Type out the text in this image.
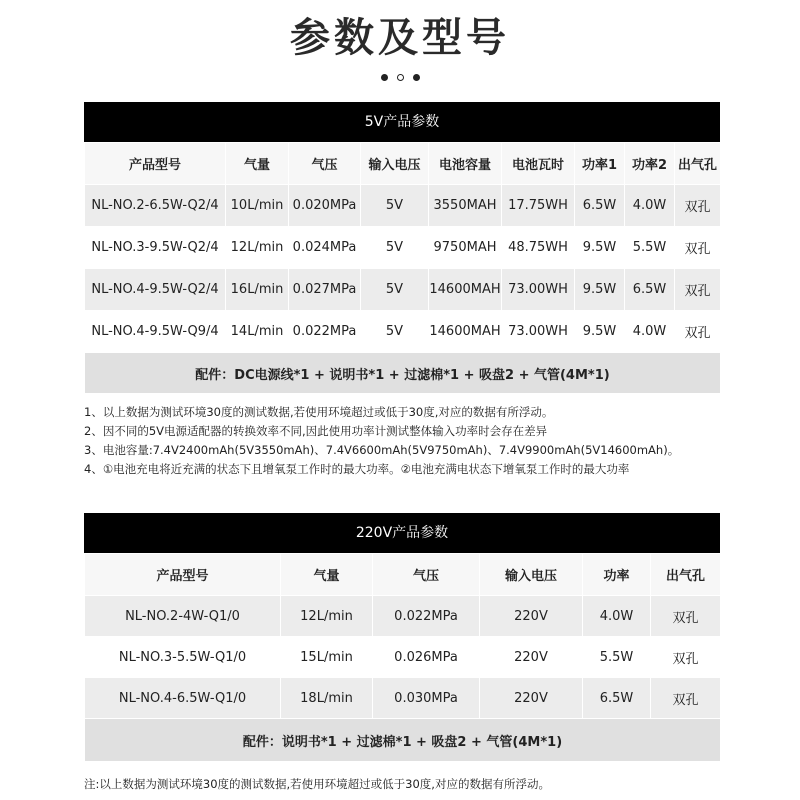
参数及型号
5V产品参数
产品型号	气量	气压	输入电压	电池容量	电池瓦时	功率1	功率2	出气孔
NL-NO.2-6.5W-Q2/4	10L/min	0.020MPa	5V	3550MAH	17.75WH	6.5W	4.0W	双孔
NL-NO.3-9.5W-Q2/4	12L/min	0.024MPa	5V	9750MAH	48.75WH	9.5W	5.5W	双孔
NL-NO.4-9.5W-Q2/4	16L/min	0.027MPa	5V	14600MAH	73.00WH	9.5W	6.5W	双孔
NL-NO.4-9.5W-Q9/4	14L/min	0.022MPa	5V	14600MAH	73.00WH	9.5W	4.0W	双孔
配件：DC电源线*1 + 说明书*1 + 过滤棉*1 + 吸盘2 + 气管(4M*1)								
1、以上数据为测试环境30度的测试数据,若使用环境超过或低于30度,对应的数据有所浮动。
2、因不同的5V电源适配器的转换效率不同,因此使用功率计测试整体输入功率时会存在差异
3、电池容量:7.4V2400mAh(5V3550mAh)、7.4V6600mAh(5V9750mAh)、7.4V9900mAh(5V14600mAh)。
4、①电池充电将近充满的状态下且增氧泵工作时的最大功率。②电池充满电状态下增氧泵工作时的最大功率
220V产品参数
产品型号	气量	气压	输入电压	功率	出气孔
NL-NO.2-4W-Q1/0	12L/min	0.022MPa	220V	4.0W	双孔
NL-NO.3-5.5W-Q1/0	15L/min	0.026MPa	220V	5.5W	双孔
NL-NO.4-6.5W-Q1/0	18L/min	0.030MPa	220V	6.5W	双孔
配件：说明书*1 + 过滤棉*1 + 吸盘2 + 气管(4M*1)					
注:以上数据为测试环境30度的测试数据,若使用环境超过或低于30度,对应的数据有所浮动。
